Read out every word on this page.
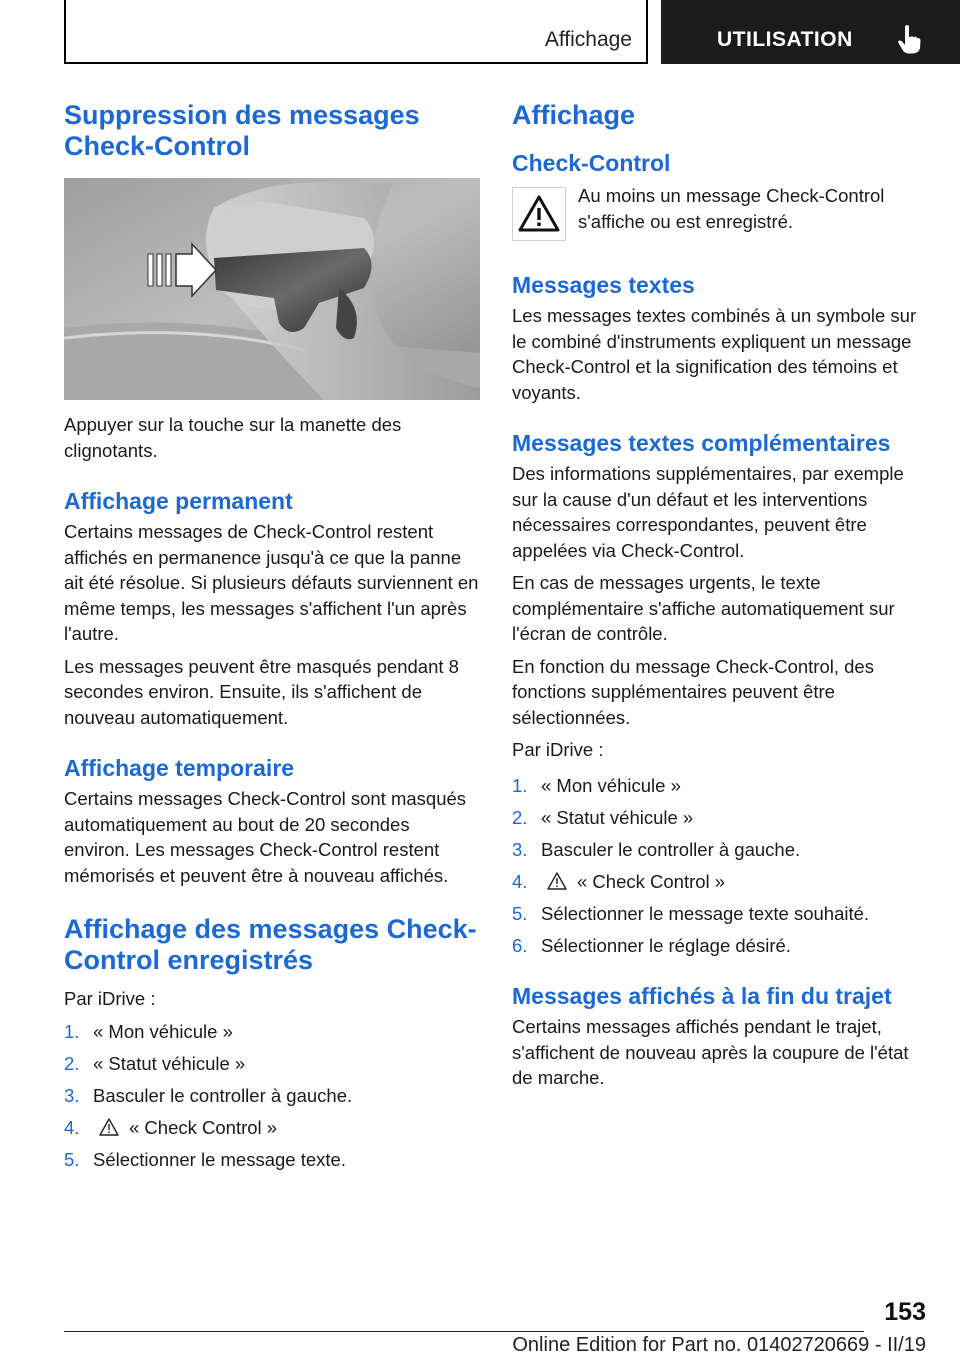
Affichage	UTILISATION
Suppression des messages Check-Control

Appuyer sur la touche sur la manette des clignotants.

Affichage permanent

Certains messages de Check-Control restent affichés en permanence jusqu'à ce que la panne ait été résolue. Si plusieurs défauts surviennent en même temps, les messages s'affichent l'un après l'autre.

Les messages peuvent être masqués pendant 8 secondes environ. Ensuite, ils s'affichent de nouveau automatiquement.

Affichage temporaire

Certains messages Check-Control sont masqués automatiquement au bout de 20 secondes environ. Les messages Check-Control restent mémorisés et peuvent être à nouveau affichés.

Affichage des messages Check-Control enregistrés

Par iDrive :

1. « Mon véhicule »
2. « Statut véhicule »
3. Basculer le controller à gauche.
4.	« Check Control »
5. Sélectionner le message texte.
Affichage
Check-Control

Au moins un message Check-Control s'affiche ou est enregistré.

Messages textes

Les messages textes combinés à un symbole sur le combiné d'instruments expliquent un message Check-Control et la signification des témoins et voyants.

Messages textes complémentaires

Des informations supplémentaires, par exemple sur la cause d'un défaut et les interventions nécessaires correspondantes, peuvent être appelées via Check-Control.

En cas de messages urgents, le texte complémentaire s'affiche automatiquement sur l'écran de contrôle.

En fonction du message Check-Control, des fonctions supplémentaires peuvent être sélectionnées.

Par iDrive :

1. « Mon véhicule »
2. « Statut véhicule »
3. Basculer le controller à gauche.
4.	« Check Control »
5. Sélectionner le message texte souhaité.
6. Sélectionner le réglage désiré.
Messages affichés à la fin du trajet

Certains messages affichés pendant le trajet, s'affichent de nouveau après la coupure de l'état de marche.

153
Online Edition for Part no. 01402720669 - II/19
